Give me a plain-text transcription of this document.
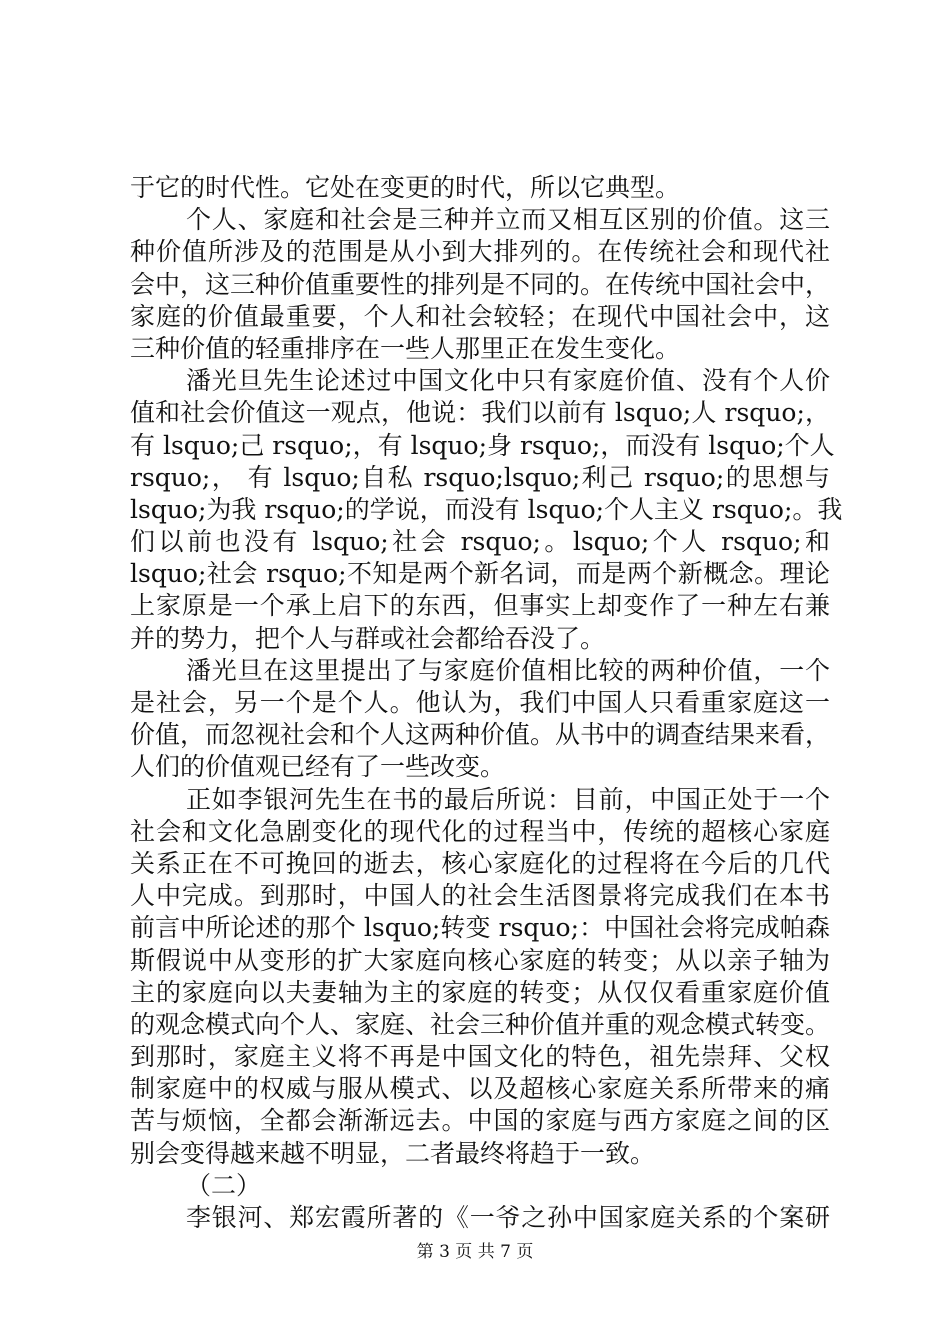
于它的时代性。它处在变更的时代，所以它典型。
个人、家庭和社会是三种并立而又相互区别的价值。这三
种价值所涉及的范围是从小到大排列的。在传统社会和现代社
会中，这三种价值重要性的排列是不同的。在传统中国社会中，
家庭的价值最重要，个人和社会较轻；在现代中国社会中，这
三种价值的轻重排序在一些人那里正在发生变化。
潘光旦先生论述过中国文化中只有家庭价值、没有个人价
值和社会价值这一观点，他说：我们以前有 lsquo;人 rsquo;，
有 lsquo;己 rsquo;，有 lsquo;身 rsquo;，而没有 lsquo;个人
rsquo;， 有 lsquo;自私 rsquo;lsquo;利己 rsquo;的思想与
lsquo;为我 rsquo;的学说，而没有 lsquo;个人主义 rsquo;。我
们以前也没有 lsquo;社会 rsquo;。lsquo;个人 rsquo;和
lsquo;社会 rsquo;不知是两个新名词，而是两个新概念。理论
上家原是一个承上启下的东西，但事实上却变作了一种左右兼
并的势力，把个人与群或社会都给吞没了。
潘光旦在这里提出了与家庭价值相比较的两种价值，一个
是社会，另一个是个人。他认为，我们中国人只看重家庭这一
价值，而忽视社会和个人这两种价值。从书中的调查结果来看，
人们的价值观已经有了一些改变。
正如李银河先生在书的最后所说：目前，中国正处于一个
社会和文化急剧变化的现代化的过程当中，传统的超核心家庭
关系正在不可挽回的逝去，核心家庭化的过程将在今后的几代
人中完成。到那时，中国人的社会生活图景将完成我们在本书
前言中所论述的那个 lsquo;转变 rsquo;：中国社会将完成帕森
斯假说中从变形的扩大家庭向核心家庭的转变；从以亲子轴为
主的家庭向以夫妻轴为主的家庭的转变；从仅仅看重家庭价值
的观念模式向个人、家庭、社会三种价值并重的观念模式转变。
到那时，家庭主义将不再是中国文化的特色，祖先崇拜、父权
制家庭中的权威与服从模式、以及超核心家庭关系所带来的痛
苦与烦恼，全都会渐渐远去。中国的家庭与西方家庭之间的区
别会变得越来越不明显，二者最终将趋于一致。
（二）
李银河、郑宏霞所著的《一爷之孙中国家庭关系的个案研
第 3 页 共 7 页
